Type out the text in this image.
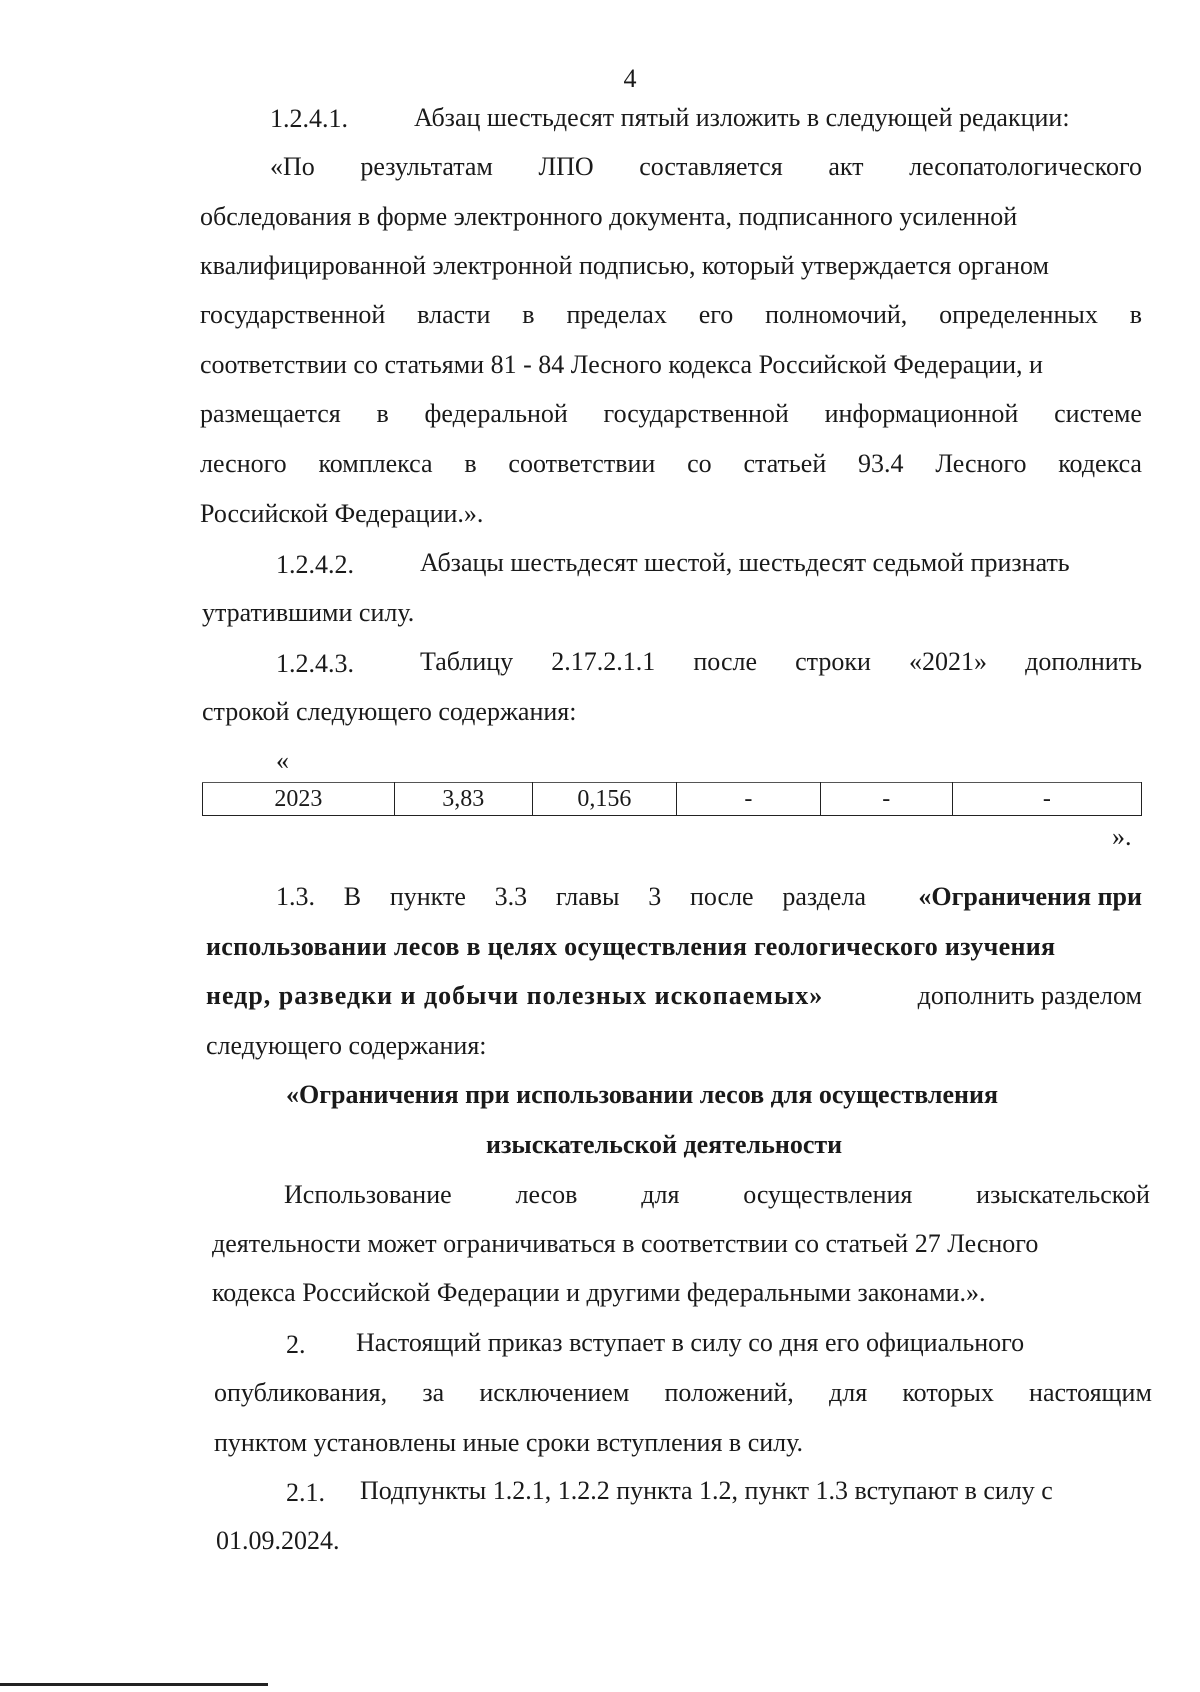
4
1.2.4.1.	Абзац шестьдесят пятый изложить в следующей редакции:
«По результатам ЛПО составляется акт лесопатологического
обследования в форме электронного документа, подписанного усиленной
квалифицированной электронной подписью, который утверждается органом
государственной власти в пределах его полномочий, определенных в
соответствии со статьями 81 - 84 Лесного кодекса Российской Федерации, и
размещается в федеральной государственной информационной системе
лесного комплекса в соответствии со статьей 93.4 Лесного кодекса
Российской Федерации.».
1.2.4.2.	Абзацы шестьдесят шестой, шестьдесят седьмой признать
утратившими силу.
1.2.4.3.	Таблицу 2.17.2.1.1 после строки «2021» дополнить
строкой следующего содержания:
«
2023	3,83	0,156	-	-	-
».
1.3. В пункте 3.3 главы 3 после раздела «Ограничения при
использовании лесов в целях осуществления геологического изучения
недр, разведки и добычи полезных ископаемых»	дополнить разделом
следующего содержания:
«Ограничения при использовании лесов для осуществления
изыскательской деятельности
Использование лесов для осуществления изыскательской
деятельности может ограничиваться в соответствии со статьей 27 Лесного
кодекса Российской Федерации и другими федеральными законами.».
2. Настоящий приказ вступает в силу со дня его официального
опубликования, за исключением положений, для которых настоящим
пунктом установлены иные сроки вступления в силу.
2.1. Подпункты 1.2.1, 1.2.2 пункта 1.2, пункт 1.3 вступают в силу с
01.09.2024.
